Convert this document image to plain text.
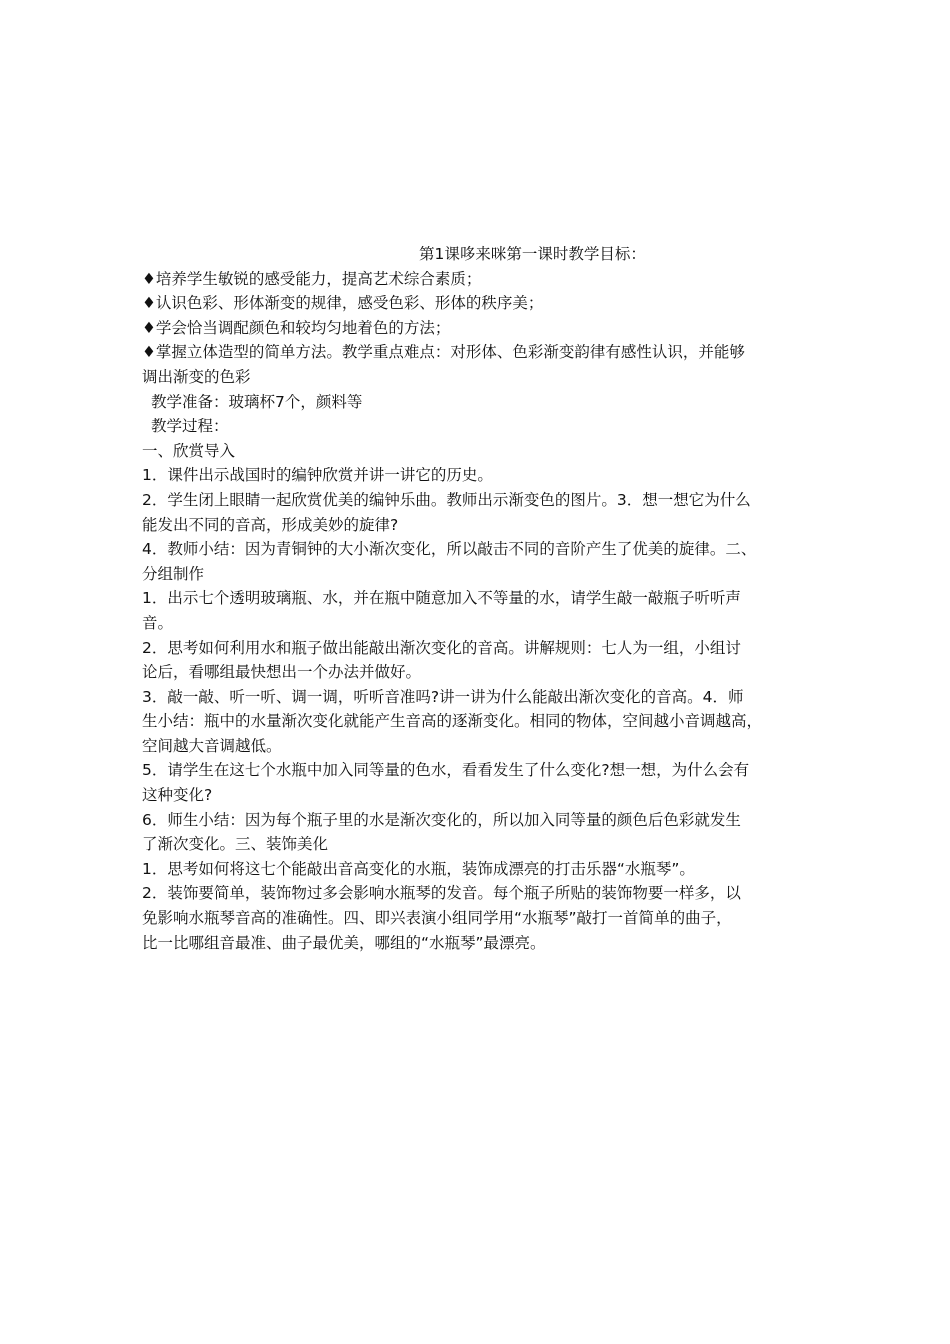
第1课哆来咪第一课时教学目标：
♦培养学生敏锐的感受能力，提高艺术综合素质；
♦认识色彩、形体渐变的规律，感受色彩、形体的秩序美；
♦学会恰当调配颜色和较均匀地着色的方法；
♦掌握立体造型的简单方法。教学重点难点：对形体、色彩渐变韵律有感性认识，并能够
调出渐变的色彩
教学准备：玻璃杯7个，颜料等
教学过程：
一、欣赏导入
1．课件出示战国时的编钟欣赏并讲一讲它的历史。
2．学生闭上眼睛一起欣赏优美的编钟乐曲。教师出示渐变色的图片。3．想一想它为什么
能发出不同的音高，形成美妙的旋律?
4．教师小结：因为青铜钟的大小渐次变化，所以敲击不同的音阶产生了优美的旋律。二、
分组制作
1．出示七个透明玻璃瓶、水，并在瓶中随意加入不等量的水，请学生敲一敲瓶子听听声
音。
2．思考如何利用水和瓶子做出能敲出渐次变化的音高。讲解规则：七人为一组，小组讨
论后，看哪组最快想出一个办法并做好。
3．敲一敲、听一听、调一调，听听音准吗?讲一讲为什么能敲出渐次变化的音高。4．师
生小结：瓶中的水量渐次变化就能产生音高的逐渐变化。相同的物体，空间越小音调越高，
空间越大音调越低。
5．请学生在这七个水瓶中加入同等量的色水，看看发生了什么变化?想一想，为什么会有
这种变化?
6．师生小结：因为每个瓶子里的水是渐次变化的，所以加入同等量的颜色后色彩就发生
了渐次变化。三、装饰美化
1．思考如何将这七个能敲出音高变化的水瓶，装饰成漂亮的打击乐器“水瓶琴”。
2．装饰要简单，装饰物过多会影响水瓶琴的发音。每个瓶子所贴的装饰物要一样多，以
免影响水瓶琴音高的准确性。四、即兴表演小组同学用“水瓶琴”敲打一首简单的曲子，
比一比哪组音最准、曲子最优美，哪组的“水瓶琴”最漂亮。
